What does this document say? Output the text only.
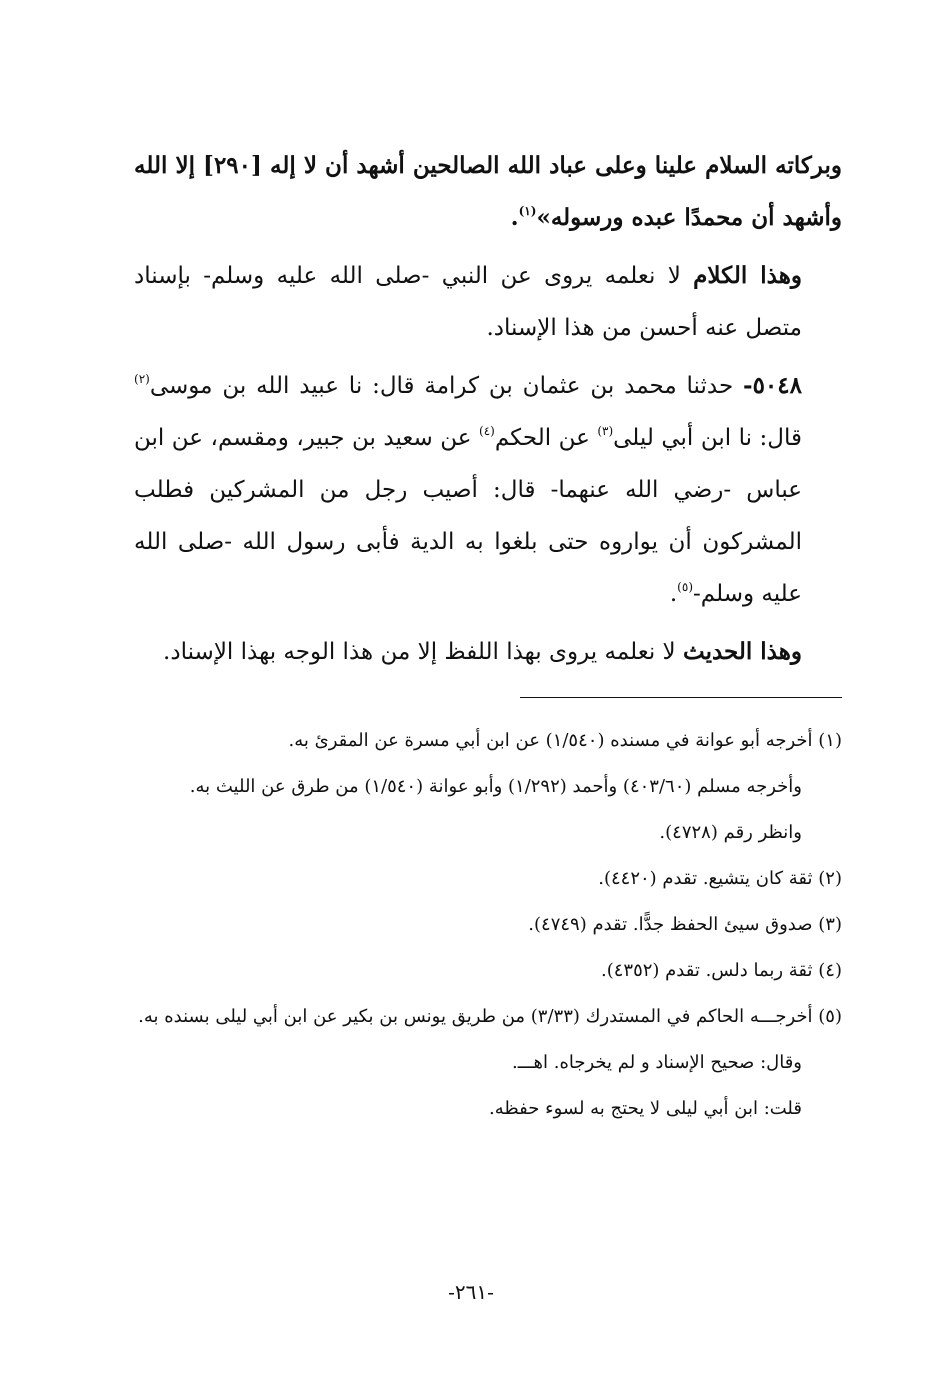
وبركاته السلام علينا وعلى عباد الله الصالحين أشهد أن لا إله [٢٩٠] إلا الله وأشهد أن محمدًا عبده ورسوله»$^{(١)}$.

وهذا الكلام لا نعلمه يروى عن النبي -صلى الله عليه وسلم- بإسناد متصل عنه أحسن من هذا الإسناد.

٥٠٤٨- حدثنا محمد بن عثمان بن كرامة قال: نا عبيد الله بن موسى$^{(٢)}$ قال: نا ابن أبي ليلى$^{(٣)}$ عن الحكم$^{(٤)}$ عن سعيد بن جبير، ومقسم، عن ابن عباس -رضي الله عنهما- قال: أصيب رجل من المشركين فطلب المشركون أن يواروه حتى بلغوا به الدية فأبى رسول الله -صلى الله عليه وسلم-$^{(٥)}$.

وهذا الحديث لا نعلمه يروى بهذا اللفظ إلا من هذا الوجه بهذا الإسناد.

(١) أخرجه أبو عوانة في مسنده (١/٥٤٠) عن ابن أبي مسرة عن المقرئ به.

وأخرجه مسلم (٤٠٣/٦٠) وأحمد (١/٢٩٢) وأبو عوانة (١/٥٤٠) من طرق عن الليث به.

وانظر رقم (٤٧٢٨).

(٢) ثقة كان يتشيع. تقدم (٤٤٢٠).

(٣) صدوق سيئ الحفظ جدًّا. تقدم (٤٧٤٩).

(٤) ثقة ربما دلس. تقدم (٤٣٥٢).

(٥) أخرجـــه الحاكم في المستدرك (٣/٣٣) من طريق يونس بن بكير عن ابن أبي ليلى بسنده به.

وقال: صحيح الإسناد و لم يخرجاه. اهـــ.

قلت: ابن أبي ليلى لا يحتج به لسوء حفظه.

-٢٦١-
